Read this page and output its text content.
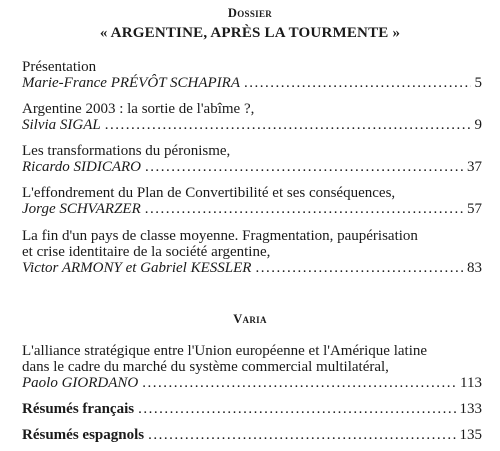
Dossier
« ARGENTINE, APRÈS LA TOURMENTE »
Présentation
Marie-France PRÉVÔT SCHAPIRA .....	5
Argentine 2003 : la sortie de l'abîme ?,
Silvia SIGAL .....	9
Les transformations du péronisme,
Ricardo SIDICARO .....	37
L'effondrement du Plan de Convertibilité et ses conséquences,
Jorge SCHVARZER .....	57
La fin d'un pays de classe moyenne. Fragmentation, paupérisation
et crise identitaire de la société argentine,
Victor ARMONY et Gabriel KESSLER .....	83
Varia
L'alliance stratégique entre l'Union européenne et l'Amérique latine
dans le cadre du marché du système commercial multilatéral,
Paolo GIORDANO .....	113
Résumés français .....	133
Résumés espagnols .....	135
